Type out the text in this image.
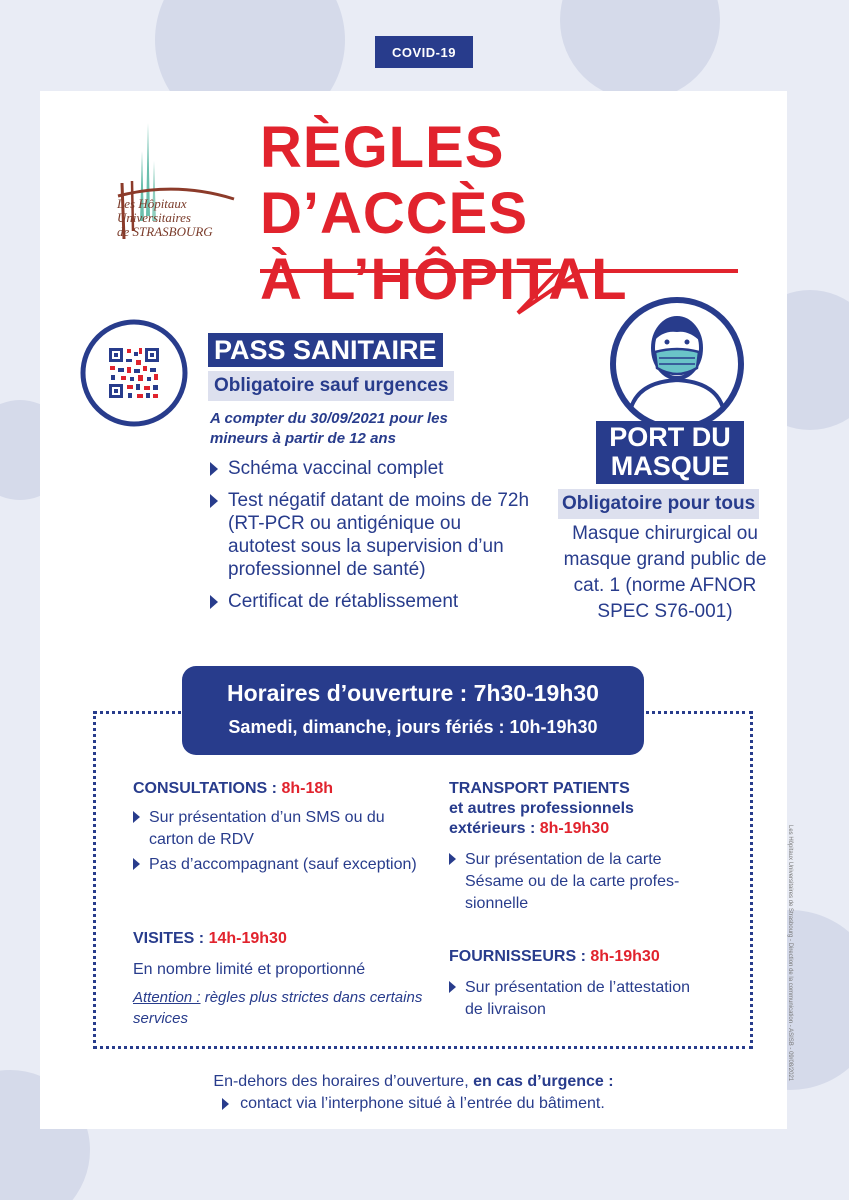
COVID-19
Les Hôpitaux
Universitaires
de STRASBOURG
RÈGLES D’ACCÈS
À L’HÔPITAL
PASS SANITAIRE
Obligatoire sauf urgences
A compter du 30/09/2021 pour les mineurs à partir de 12 ans
Schéma vaccinal complet
Test négatif datant de moins de 72h (RT-PCR ou antigénique ou autotest sous la supervision d’un professionnel de santé)
Certificat de rétablissement
PORT DU
MASQUE
Obligatoire pour tous
Masque chirurgical ou masque grand public de cat. 1 (norme AFNOR SPEC S76-001)
Horaires d’ouverture : 7h30-19h30
Samedi, dimanche, jours fériés : 10h-19h30
CONSULTATIONS : 8h-18h
Sur présentation d’un SMS ou du carton de RDV
Pas d’accompagnant (sauf exception)
VISITES : 14h-19h30
En nombre limité et proportionné
Attention : règles plus strictes dans certains services
TRANSPORT PATIENTS
et autres professionnels
extérieurs : 8h-19h30
Sur présentation de la carte Sésame ou de la carte profes-sionnelle
FOURNISSEURS : 8h-19h30
Sur présentation de l’attestation de livraison
En-dehors des horaires d’ouverture, en cas d’urgence :
contact via l’interphone situé à l’entrée du bâtiment.
Les Hôpitaux Universitaires de Strasbourg - Direction de la communication - ASISB - 09/08/2021
